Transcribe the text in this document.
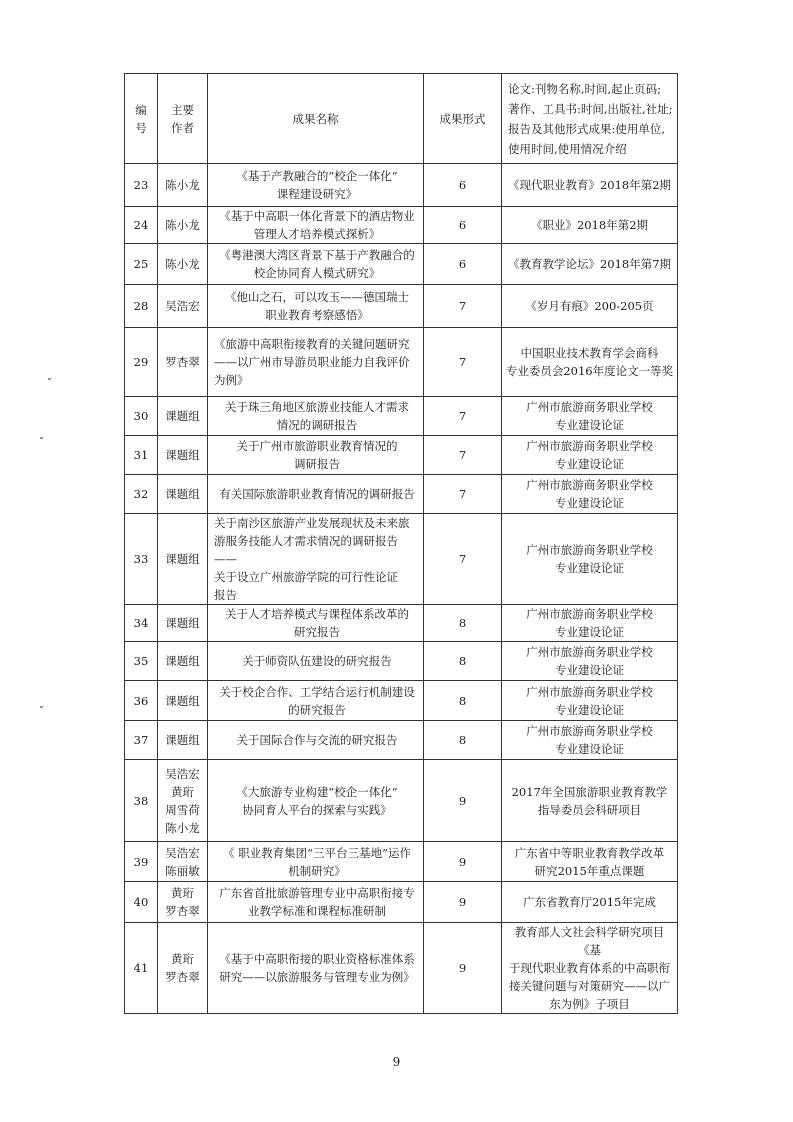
编
号	主要
作者	成果名称	成果形式	论文:刊物名称,时间,起止页码;
著作、工具书:时间,出版社,社址;
报告及其他形式成果:使用单位,
使用时间,使用情况介绍

23	陈小龙	《基于产教融合的“校企一体化”
课程建设研究》	6	《现代职业教育》2018年第2期

24	陈小龙	《基于中高职一体化背景下的酒店物业
管理人才培养模式探析》	6	《职业》2018年第2期

25	陈小龙	《粤港澳大湾区背景下基于产教融合的
校企协同育人模式研究》	6	《教育教学论坛》2018年第7期

28	吴浩宏	《他山之石，可以攻玉——德国瑞士
职业教育考察感悟》	7	《岁月有痕》200-205页

29	罗杏翠	《旅游中高职衔接教育的关键问题研究
——以广州市导游员职业能力自我评价
为例》	7	中国职业技术教育学会商科
专业委员会2016年度论文一等奖

30	课题组	关于珠三角地区旅游业技能人才需求
情况的调研报告	7	广州市旅游商务职业学校
专业建设论证

31	课题组	关于广州市旅游职业教育情况的
调研报告	7	广州市旅游商务职业学校
专业建设论证

32	课题组	有关国际旅游职业教育情况的调研报告	7	广州市旅游商务职业学校
专业建设论证

33	课题组	关于南沙区旅游产业发展现状及未来旅
游服务技能人才需求情况的调研报告——
关于设立广州旅游学院的可行性论证
报告	7	广州市旅游商务职业学校
专业建设论证

34	课题组	关于人才培养模式与课程体系改革的
研究报告	8	广州市旅游商务职业学校
专业建设论证

35	课题组	关于师资队伍建设的研究报告	8	广州市旅游商务职业学校
专业建设论证

36	课题组	关于校企合作、工学结合运行机制建设
的研究报告	8	广州市旅游商务职业学校
专业建设论证

37	课题组	关于国际合作与交流的研究报告	8	广州市旅游商务职业学校
专业建设论证

38	吴浩宏
黄珩
周雪荷
陈小龙	《大旅游专业构建“校企一体化”
协同育人平台的探索与实践》	9	2017年全国旅游职业教育教学
指导委员会科研项目

39	吴浩宏
陈丽敏	《 职业教育集团“三平台三基地”运作
机制研究》	9	广东省中等职业教育教学改革
研究2015年重点课题

40	黄珩
罗杏翠	广东省首批旅游管理专业中高职衔接专
业教学标准和课程标准研制	9	广东省教育厅2015年完成

41	黄珩
罗杏翠	《基于中高职衔接的职业资格标准体系
研究——以旅游服务与管理专业为例》	9	教育部人文社会科学研究项目《基
于现代职业教育体系的中高职衔
接关键问题与对策研究——以广
东为例》子项目
9
